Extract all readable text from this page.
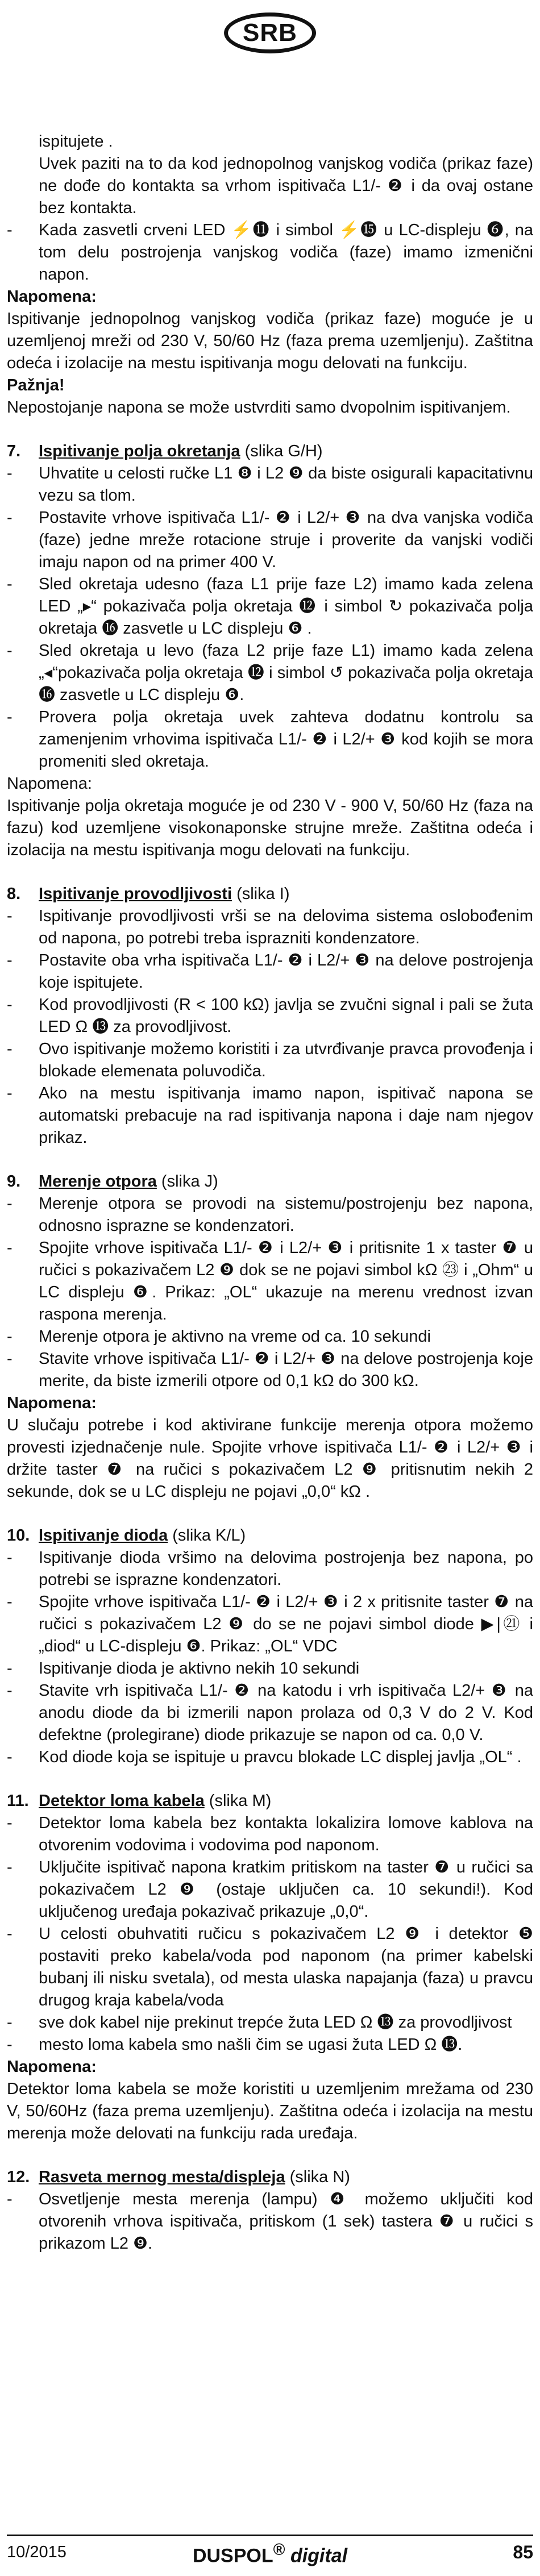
SRB

ispitujete .

Uvek paziti na to da kod jednopolnog vanjskog vodiča (prikaz faze) ne dođe do kontakta sa vrhom ispitivača L1/- ❷ i da ovaj ostane bez kontakta.

- Kada zasvetli crveni LED ⚡⓫ i simbol ⚡⓯ u LC-displeju ❻, na tom delu postrojenja vanjskog vodiča (faze) imamo izmenični napon.

Napomena:

Ispitivanje jednopolnog vanjskog vodiča (prikaz faze) moguće je u uzemljenoj mreži od 230 V, 50/60 Hz (faza prema uzemljenju). Zaštitna odeća i izolacije na mestu ispitivanja mogu delovati na funkciju.

Pažnja!

Nepostojanje napona se može ustvrditi samo dvopolnim ispitivanjem.

7. Ispitivanje polja okretanja (slika G/H)
- Uhvatite u celosti ručke L1 ❽ i L2 ❾ da biste osigurali kapacitativnu vezu sa tlom.
- Postavite vrhove ispitivača L1/- ❷ i L2/+ ❸ na dva vanjska vodiča (faze) jedne mreže rotacione struje i proverite da vanjski vodiči imaju napon od na primer 400 V.
- Sled okretaja udesno (faza L1 prije faze L2) imamo kada zelena LED „▸“ pokazivača polja okretaja ⓬ i simbol ↻ pokazivača polja okretaja ⓰ zasvetle u LC displeju ❻ .
- Sled okretaja u levo (faza L2 prije faze L1) imamo kada zelena „◂“pokazivača polja okretaja ⓬ i simbol ↺ pokazivača polja okretaja ⓰ zasvetle u LC displeju ❻.
- Provera polja okretaja uvek zahteva dodatnu kontrolu sa zamenjenim vrhovima ispitivača L1/- ❷ i L2/+ ❸ kod kojih se mora promeniti sled okretaja.

Napomena:

Ispitivanje polja okretaja moguće je od 230 V - 900 V, 50/60 Hz (faza na fazu) kod uzemljene visokonaponske strujne mreže. Zaštitna odeća i izolacija na mestu ispitivanja mogu delovati na funkciju.

8. Ispitivanje provodljivosti (slika I)
- Ispitivanje provodljivosti vrši se na delovima sistema oslobođenim od napona, po potrebi treba isprazniti kondenzatore.
- Postavite oba vrha ispitivača L1/- ❷ i L2/+ ❸ na delove postrojenja koje ispitujete.
- Kod provodljivosti (R < 100 kΩ) javlja se zvučni signal i pali se žuta LED Ω ⓭ za provodljivost.
- Ovo ispitivanje možemo koristiti i za utvrđivanje pravca provođenja i blokade elemenata poluvodiča.
- Ako na mestu ispitivanja imamo napon, ispitivač napona se automatski prebacuje na rad ispitivanja napona i daje nam njegov prikaz.
9. Merenje otpora (slika J)
- Merenje otpora se provodi na sistemu/postrojenju bez napona, odnosno isprazne se kondenzatori.
- Spojite vrhove ispitivača L1/- ❷ i L2/+ ❸ i pritisnite 1 x taster ❼ u ručici s pokazivačem L2 ❾ dok se ne pojavi simbol kΩ ㉓ i „Ohm“ u LC displeju ❻. Prikaz: „OL“ ukazuje na merenu vrednost izvan raspona merenja.
- Merenje otpora je aktivno na vreme od ca. 10 sekundi
- Stavite vrhove ispitivača L1/- ❷ i L2/+ ❸ na delove postrojenja koje merite, da biste izmerili otpore od 0,1 kΩ do 300 kΩ.

Napomena:

U slučaju potrebe i kod aktivirane funkcije merenja otpora možemo provesti izjednačenje nule. Spojite vrhove ispitivača L1/- ❷ i L2/+ ❸ i držite taster ❼ na ručici s pokazivačem L2 ❾ pritisnutim nekih 2 sekunde, dok se u LC displeju ne pojavi „0,0“ kΩ .

10. Ispitivanje dioda (slika K/L)
- Ispitivanje dioda vršimo na delovima postrojenja bez napona, po potrebi se isprazne kondenzatori.
- Spojite vrhove ispitivača L1/- ❷ i L2/+ ❸ i 2 x pritisnite taster ❼ na ručici s pokazivačem L2 ❾ do se ne pojavi simbol diode ▶|㉑ i „diod“ u LC-displeju ❻. Prikaz: „OL“ VDC
- Ispitivanje dioda je aktivno nekih 10 sekundi
- Stavite vrh ispitivača L1/- ❷ na katodu i vrh ispitivača L2/+ ❸ na anodu diode da bi izmerili napon prolaza od 0,3 V do 2 V. Kod defektne (prolegirane) diode prikazuje se napon od ca. 0,0 V.
- Kod diode koja se ispituje u pravcu blokade LC displej javlja „OL“ .
11. Detektor loma kabela (slika M)
- Detektor loma kabela bez kontakta lokalizira lomove kablova na otvorenim vodovima i vodovima pod naponom.
- Uključite ispitivač napona kratkim pritiskom na taster ❼ u ručici sa pokazivačem L2 ❾ (ostaje uključen ca. 10 sekundi!). Kod uključenog uređaja pokazivač prikazuje „0,0“.
- U celosti obuhvatiti ručicu s pokazivačem L2 ❾ i detektor ❺ postaviti preko kabela/voda pod naponom (na primer kabelski bubanj ili nisku svetala), od mesta ulaska napajanja (faza) u pravcu drugog kraja kabela/voda
- sve dok kabel nije prekinut trepće žuta LED Ω ⓭ za provodljivost
- mesto loma kabela smo našli čim se ugasi žuta LED Ω ⓭.

Napomena:

Detektor loma kabela se može koristiti u uzemljenim mrežama od 230 V, 50/60Hz (faza prema uzemljenju). Zaštitna odeća i izolacija na mestu merenja može delovati na funkciju rada uređaja.

12. Rasveta mernog mesta/displeja (slika N)
- Osvetljenje mesta merenja (lampu) ❹ možemo uključiti kod otvorenih vrhova ispitivača, pritiskom (1 sek) tastera ❼ u ručici s prikazom L2 ❾.
10/2015	DUSPOL® digital	85
